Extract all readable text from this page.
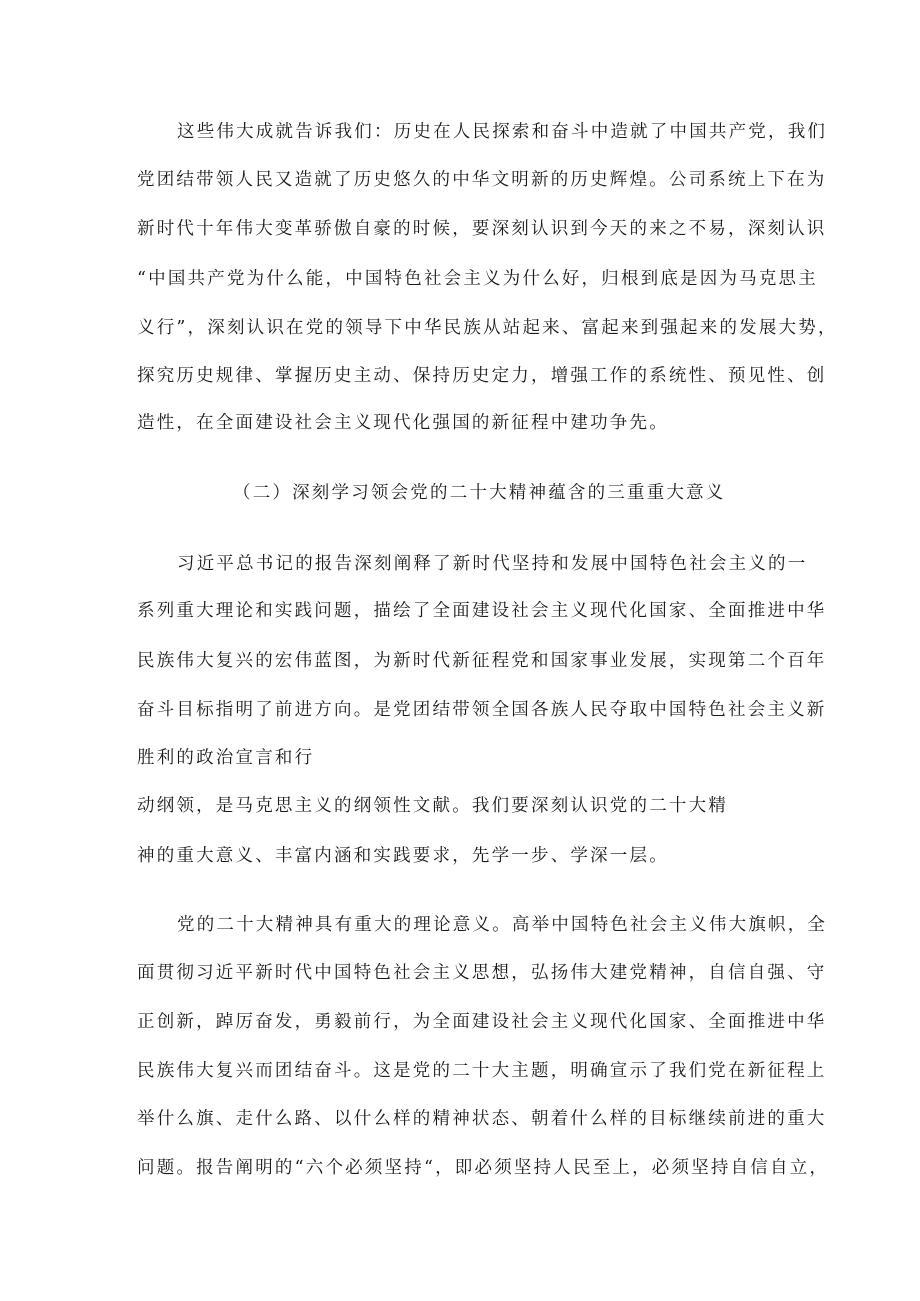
这些伟大成就告诉我们：历史在人民探索和奋斗中造就了中国共产党，我们
党团结带领人民又造就了历史悠久的中华文明新的历史辉煌。公司系统上下在为
新时代十年伟大变革骄傲自豪的时候，要深刻认识到今天的来之不易，深刻认识
“中国共产党为什么能，中国特色社会主义为什么好，归根到底是因为马克思主
义行”，深刻认识在党的领导下中华民族从站起来、富起来到强起来的发展大势，
探究历史规律、掌握历史主动、保持历史定力，增强工作的系统性、预见性、创
造性，在全面建设社会主义现代化强国的新征程中建功争先。
（二）深刻学习领会党的二十大精神蕴含的三重重大意义
习近平总书记的报告深刻阐释了新时代坚持和发展中国特色社会主义的一
系列重大理论和实践问题，描绘了全面建设社会主义现代化国家、全面推进中华
民族伟大复兴的宏伟蓝图，为新时代新征程党和国家事业发展，实现第二个百年
奋斗目标指明了前进方向。是党团结带领全国各族人民夺取中国特色社会主义新
胜利的政治宣言和行
动纲领，是马克思主义的纲领性文献。我们要深刻认识党的二十大精
神的重大意义、丰富内涵和实践要求，先学一步、学深一层。
党的二十大精神具有重大的理论意义。高举中国特色社会主义伟大旗帜，全
面贯彻习近平新时代中国特色社会主义思想，弘扬伟大建党精神，自信自强、守
正创新，踔厉奋发，勇毅前行，为全面建设社会主义现代化国家、全面推进中华
民族伟大复兴而团结奋斗。这是党的二十大主题，明确宣示了我们党在新征程上
举什么旗、走什么路、以什么样的精神状态、朝着什么样的目标继续前进的重大
问题。报告阐明的“六个必须坚持“，即必须坚持人民至上，必须坚持自信自立，
